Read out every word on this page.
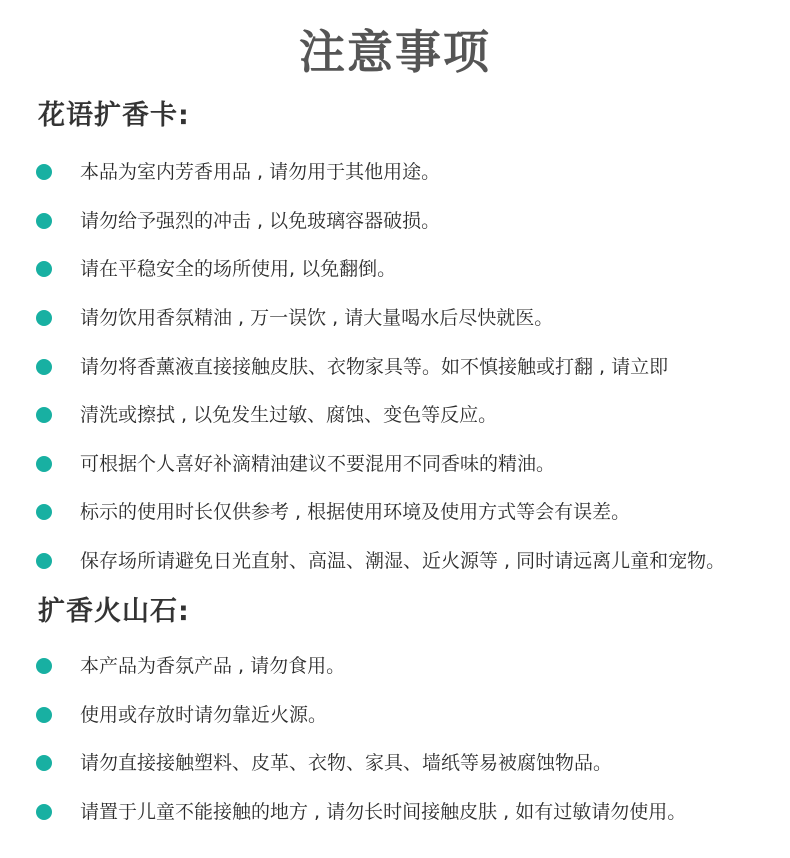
注意事项
花语扩香卡:
本品为室内芳香用品 , 请勿用于其他用途。
请勿给予强烈的冲击 , 以免玻璃容器破损。
请在平稳安全的场所使用, 以免翻倒。
请勿饮用香氛精油 , 万一误饮 , 请大量喝水后尽快就医。
请勿将香薰液直接接触皮肤、衣物家具等。如不慎接触或打翻 , 请立即
清洗或擦拭 , 以免发生过敏、腐蚀、变色等反应。
可根据个人喜好补滴精油建议不要混用不同香味的精油。
标示的使用时长仅供参考 , 根据使用环境及使用方式等会有误差。
保存场所请避免日光直射、高温、潮湿、近火源等 , 同时请远离儿童和宠物。
扩香火山石:
本产品为香氛产品 , 请勿食用。
使用或存放时请勿靠近火源。
请勿直接接触塑料、皮革、衣物、家具、墙纸等易被腐蚀物品。
请置于儿童不能接触的地方 , 请勿长时间接触皮肤 , 如有过敏请勿使用。
